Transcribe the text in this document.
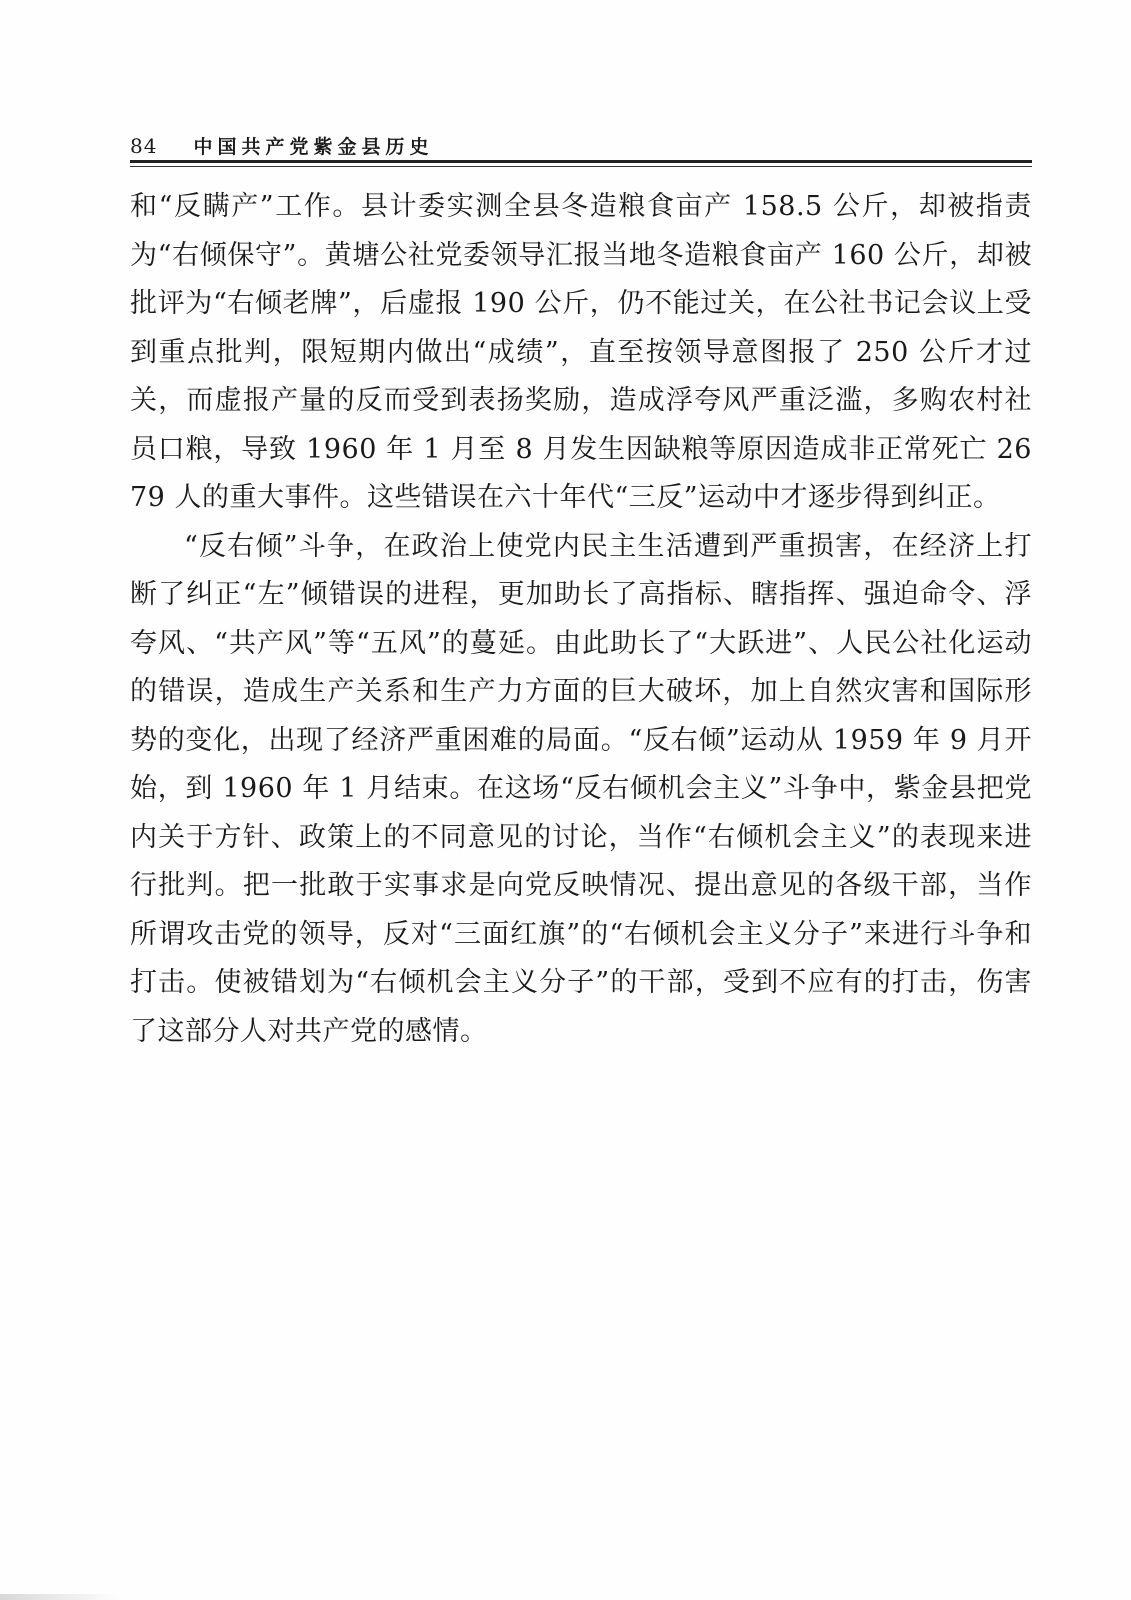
84 中国共产党紫金县历史

和“反瞒产”工作。县计委实测全县冬造粮食亩产 158.5 公斤，却被指责为“右倾保守”。黄塘公社党委领导汇报当地冬造粮食亩产 160 公斤，却被批评为“右倾老牌”，后虚报 190 公斤，仍不能过关，在公社书记会议上受到重点批判，限短期内做出“成绩”，直至按领导意图报了 250 公斤才过关，而虚报产量的反而受到表扬奖励，造成浮夸风严重泛滥，多购农村社员口粮，导致 1960 年 1 月至 8 月发生因缺粮等原因造成非正常死亡 2679 人的重大事件。这些错误在六十年代“三反”运动中才逐步得到纠正。

“反右倾”斗争，在政治上使党内民主生活遭到严重损害，在经济上打断了纠正“左”倾错误的进程，更加助长了高指标、瞎指挥、强迫命令、浮夸风、“共产风”等“五风”的蔓延。由此助长了“大跃进”、人民公社化运动的错误，造成生产关系和生产力方面的巨大破坏，加上自然灾害和国际形势的变化，出现了经济严重困难的局面。“反右倾”运动从 1959 年 9 月开始，到 1960 年 1 月结束。在这场“反右倾机会主义”斗争中，紫金县把党内关于方针、政策上的不同意见的讨论，当作“右倾机会主义”的表现来进行批判。把一批敢于实事求是向党反映情况、提出意见的各级干部，当作所谓攻击党的领导，反对“三面红旗”的“右倾机会主义分子”来进行斗争和打击。使被错划为“右倾机会主义分子”的干部，受到不应有的打击，伤害了这部分人对共产党的感情。
